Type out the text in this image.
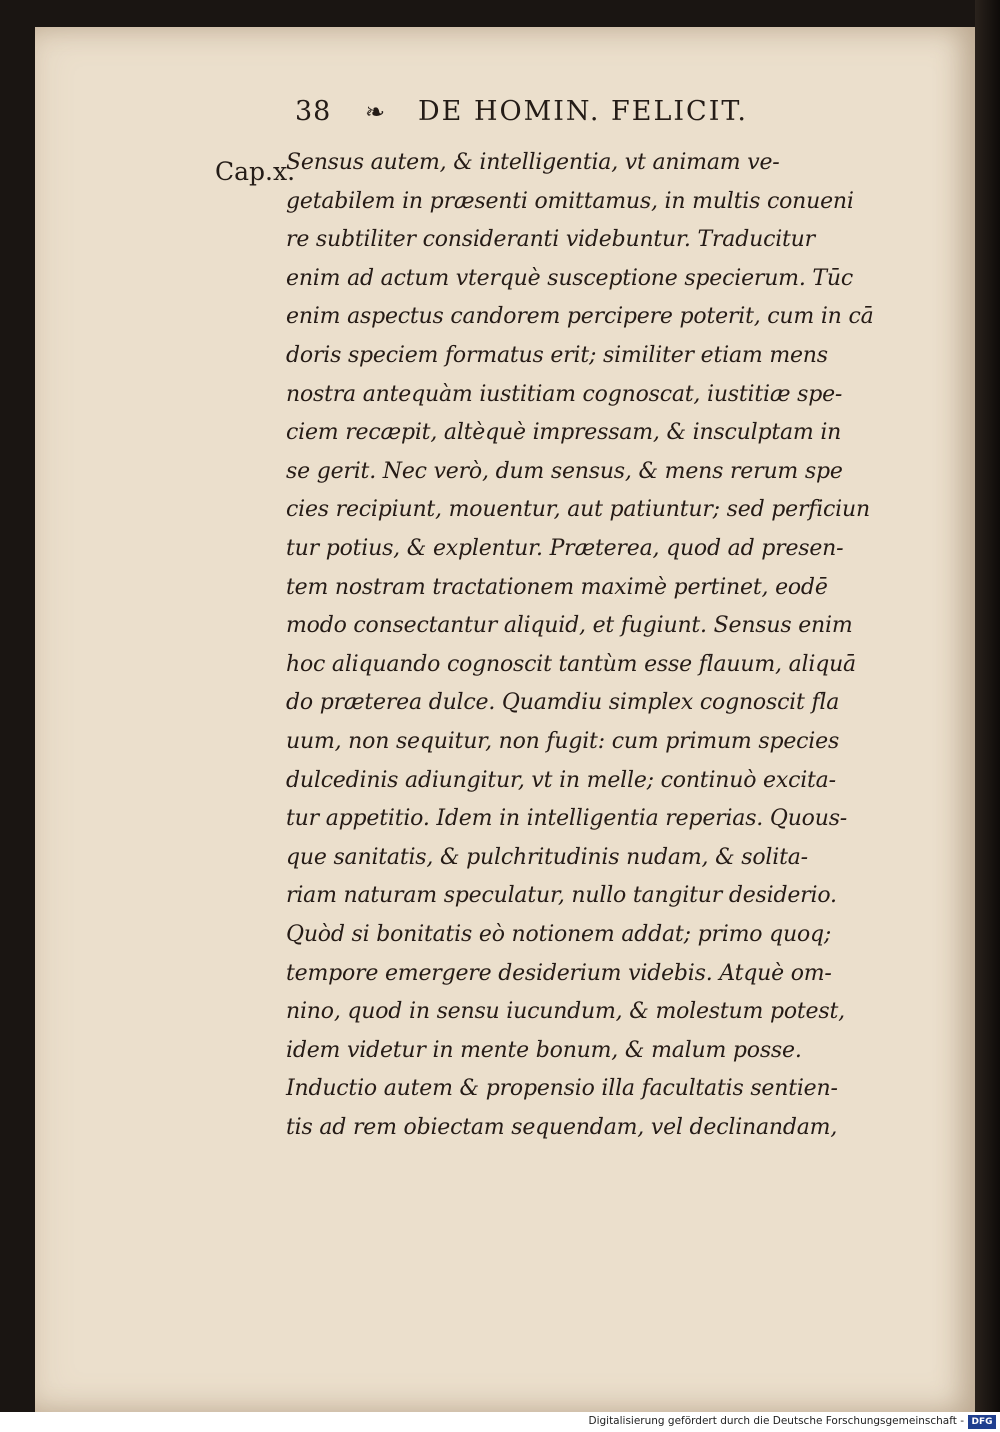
38 ❧ DE HOMIN. FELICIT.
Cap.x.
Sensus autem, & intelligentia, vt animam ve-
getabilem in præsenti omittamus, in multis conueni
re subtiliter consideranti videbuntur. Traducitur
enim ad actum vterquè susceptione specierum. Tūc
enim aspectus candorem percipere poterit, cum in cā
doris speciem formatus erit; similiter etiam mens
nostra antequàm iustitiam cognoscat, iustitiæ spe-
ciem recæpit, altèquè impressam, & insculptam in
se gerit. Nec verò, dum sensus, & mens rerum spe
cies recipiunt, mouentur, aut patiuntur; sed perficiun
tur potius, & explentur. Præterea, quod ad presen-
tem nostram tractationem maximè pertinet, eodē
modo consectantur aliquid, et fugiunt. Sensus enim
hoc aliquando cognoscit tantùm esse flauum, aliquā
do præterea dulce. Quamdiu simplex cognoscit fla
uum, non sequitur, non fugit: cum primum species
dulcedinis adiungitur, vt in melle; continuò excita-
tur appetitio. Idem in intelligentia reperias. Quous-
que sanitatis, & pulchritudinis nudam, & solita-
riam naturam speculatur, nullo tangitur desiderio.
Quòd si bonitatis eò notionem addat; primo quoq;
tempore emergere desiderium videbis. Atquè om-
nino, quod in sensu iucundum, & molestum potest,
idem videtur in mente bonum, & malum posse.
Inductio autem & propensio illa facultatis sentien-
tis ad rem obiectam sequendam, vel declinandam,
Digitalisierung gefördert durch die Deutsche Forschungsgemeinschaft - DFG
